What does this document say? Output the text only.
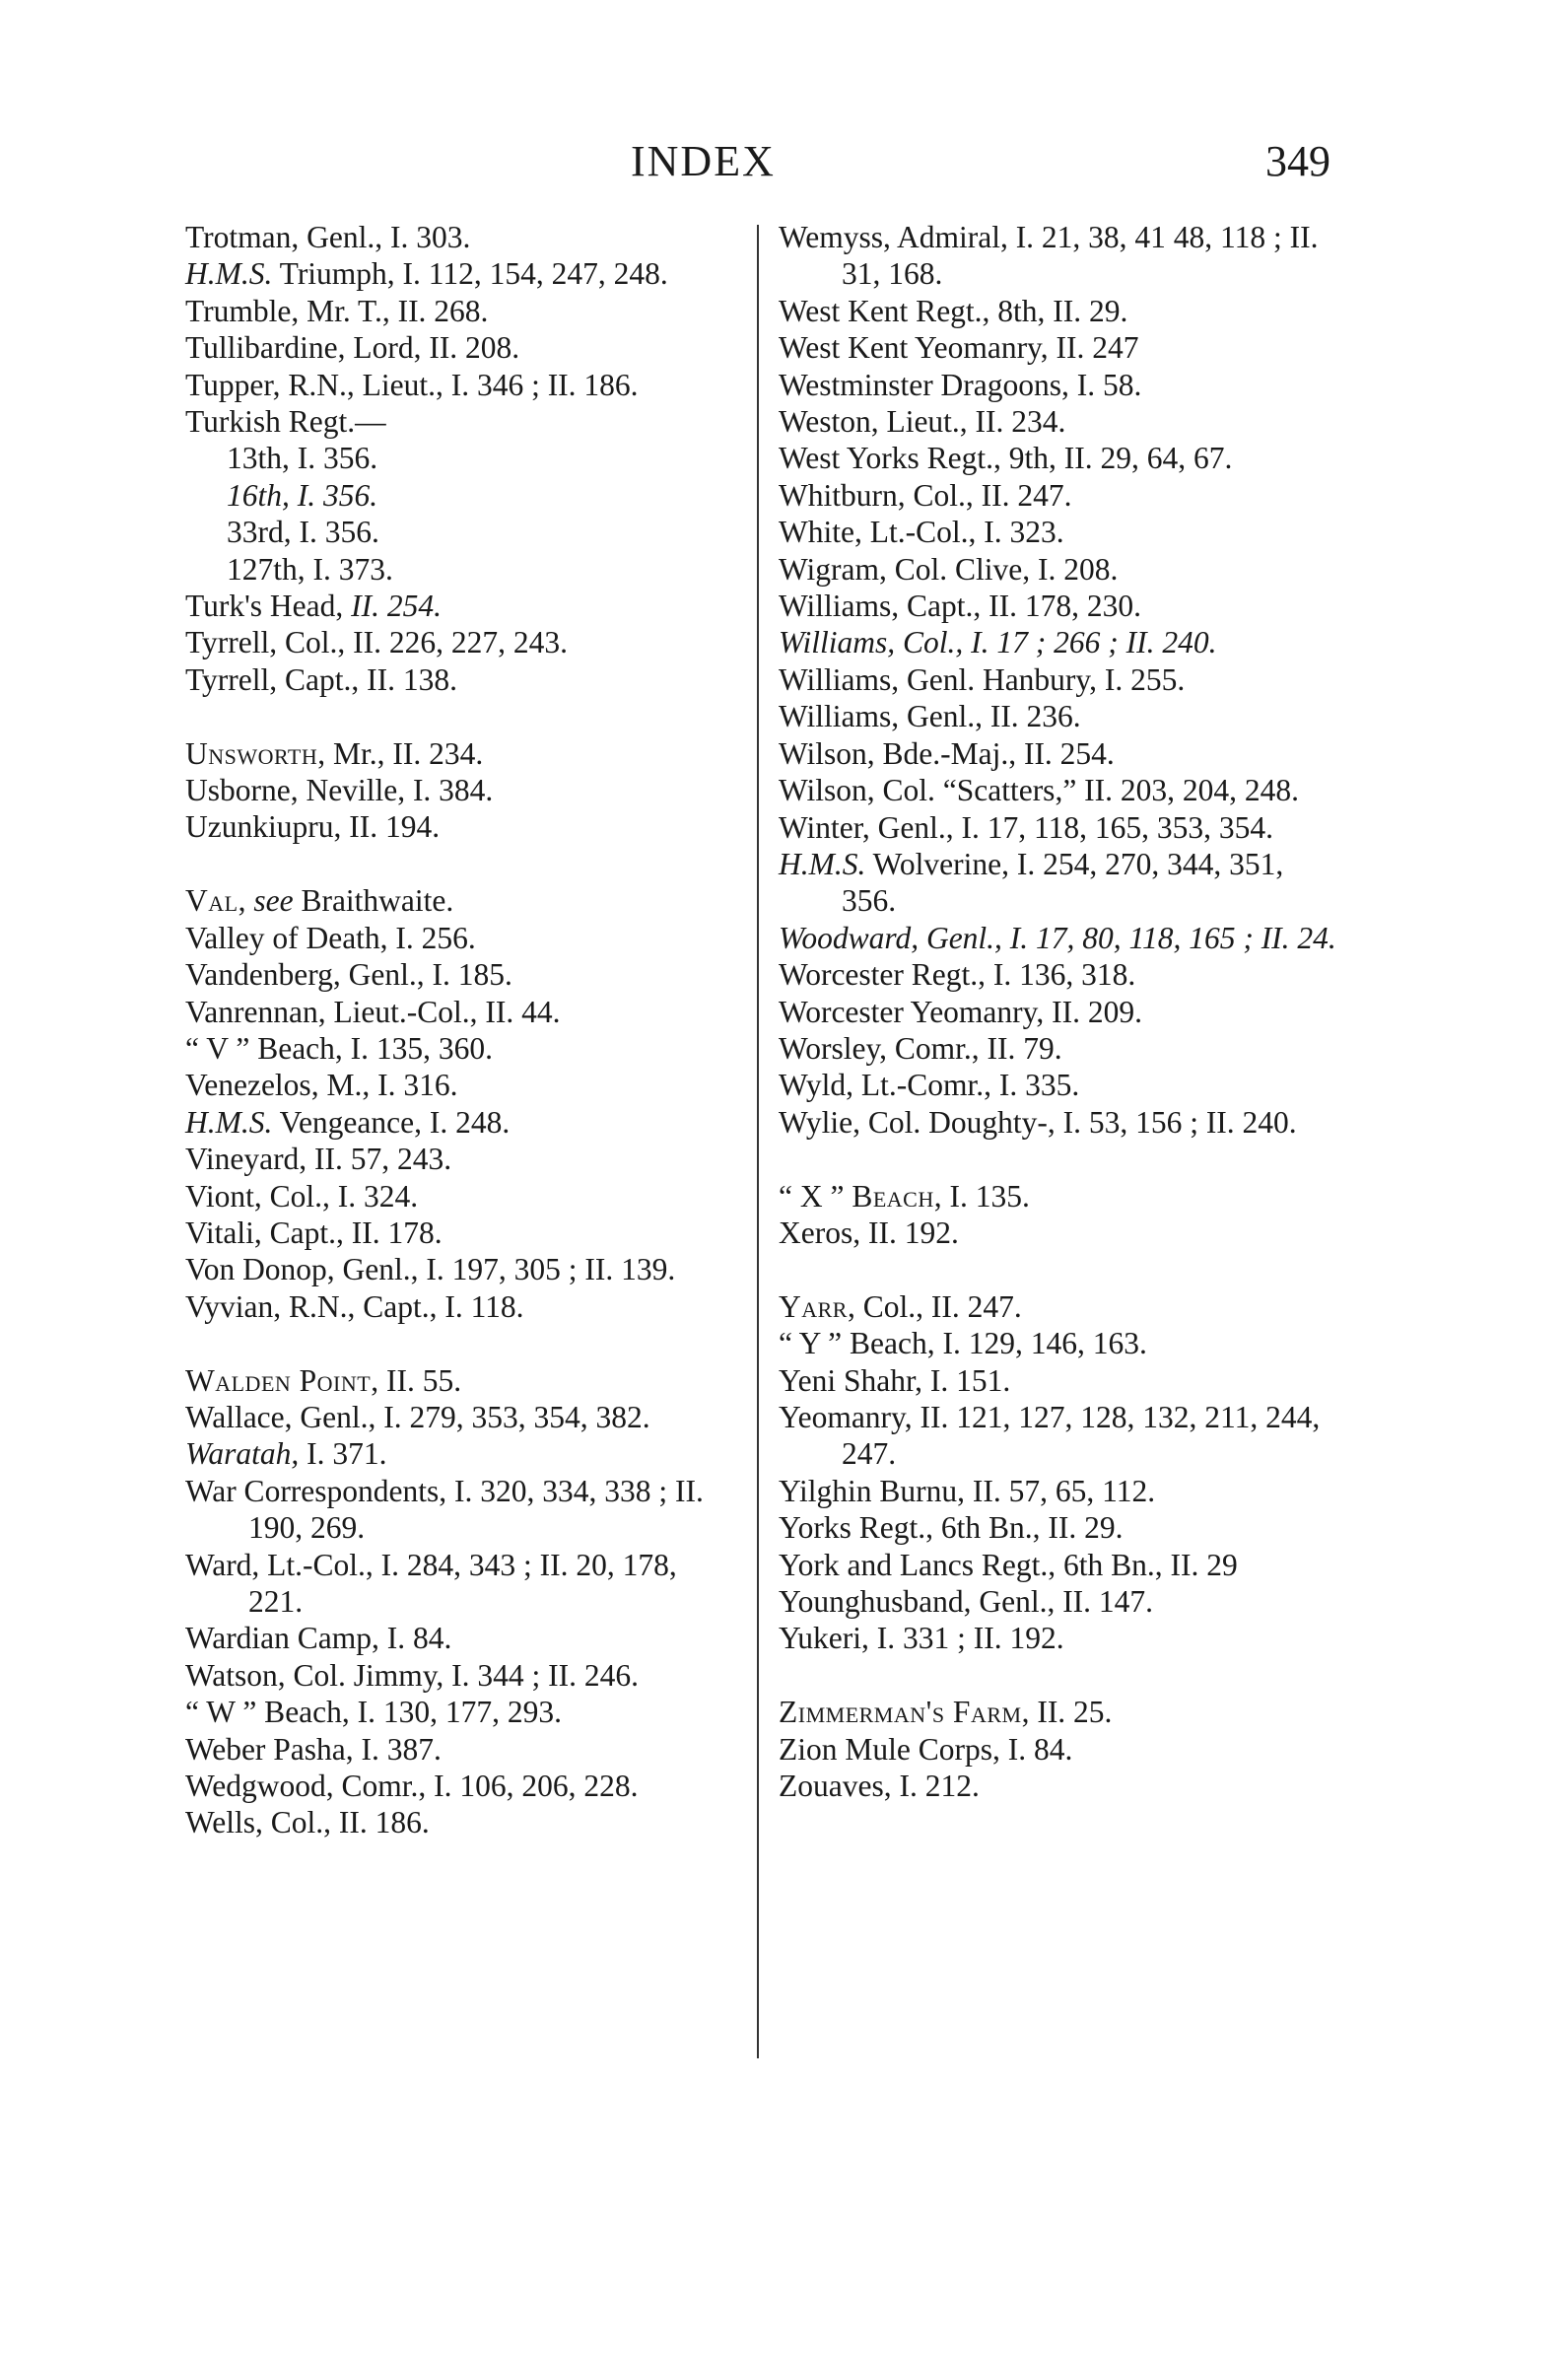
INDEX	349
Trotman, Genl., I. 303.
H.M.S. Triumph, I. 112, 154, 247, 248.
Trumble, Mr. T., II. 268.
Tullibardine, Lord, II. 208.
Tupper, R.N., Lieut., I. 346 ; II. 186.
Turkish Regt.—
13th, I. 356.
16th, I. 356.
33rd, I. 356.
127th, I. 373.
Turk's Head, II. 254.
Tyrrell, Col., II. 226, 227, 243.
Tyrrell, Capt., II. 138.
Unsworth, Mr., II. 234.
Usborne, Neville, I. 384.
Uzunkiupru, II. 194.
Val, see Braithwaite.
Valley of Death, I. 256.
Vandenberg, Genl., I. 185.
Vanrennan, Lieut.-Col., II. 44.
“ V ” Beach, I. 135, 360.
Venezelos, M., I. 316.
H.M.S. Vengeance, I. 248.
Vineyard, II. 57, 243.
Viont, Col., I. 324.
Vitali, Capt., II. 178.
Von Donop, Genl., I. 197, 305 ; II. 139.
Vyvian, R.N., Capt., I. 118.
Walden Point, II. 55.
Wallace, Genl., I. 279, 353, 354, 382.
Waratah, I. 371.
War Correspondents, I. 320, 334, 338 ; II. 190, 269.
Ward, Lt.-Col., I. 284, 343 ; II. 20, 178, 221.
Wardian Camp, I. 84.
Watson, Col. Jimmy, I. 344 ; II. 246.
“ W ” Beach, I. 130, 177, 293.
Weber Pasha, I. 387.
Wedgwood, Comr., I. 106, 206, 228.
Wells, Col., II. 186.
Wemyss, Admiral, I. 21, 38, 41 48, 118 ; II. 31, 168.
West Kent Regt., 8th, II. 29.
West Kent Yeomanry, II. 247
Westminster Dragoons, I. 58.
Weston, Lieut., II. 234.
West Yorks Regt., 9th, II. 29, 64, 67.
Whitburn, Col., II. 247.
White, Lt.-Col., I. 323.
Wigram, Col. Clive, I. 208.
Williams, Capt., II. 178, 230.
Williams, Col., I. 17 ; 266 ; II. 240.
Williams, Genl. Hanbury, I. 255.
Williams, Genl., II. 236.
Wilson, Bde.-Maj., II. 254.
Wilson, Col. “Scatters,” II. 203, 204, 248.
Winter, Genl., I. 17, 118, 165, 353, 354.
H.M.S. Wolverine, I. 254, 270, 344, 351, 356.
Woodward, Genl., I. 17, 80, 118, 165 ; II. 24.
Worcester Regt., I. 136, 318.
Worcester Yeomanry, II. 209.
Worsley, Comr., II. 79.
Wyld, Lt.-Comr., I. 335.
Wylie, Col. Doughty-, I. 53, 156 ; II. 240.
“ X ” Beach, I. 135.
Xeros, II. 192.
Yarr, Col., II. 247.
“ Y ” Beach, I. 129, 146, 163.
Yeni Shahr, I. 151.
Yeomanry, II. 121, 127, 128, 132, 211, 244, 247.
Yilghin Burnu, II. 57, 65, 112.
Yorks Regt., 6th Bn., II. 29.
York and Lancs Regt., 6th Bn., II. 29
Younghusband, Genl., II. 147.
Yukeri, I. 331 ; II. 192.
Zimmerman's Farm, II. 25.
Zion Mule Corps, I. 84.
Zouaves, I. 212.
